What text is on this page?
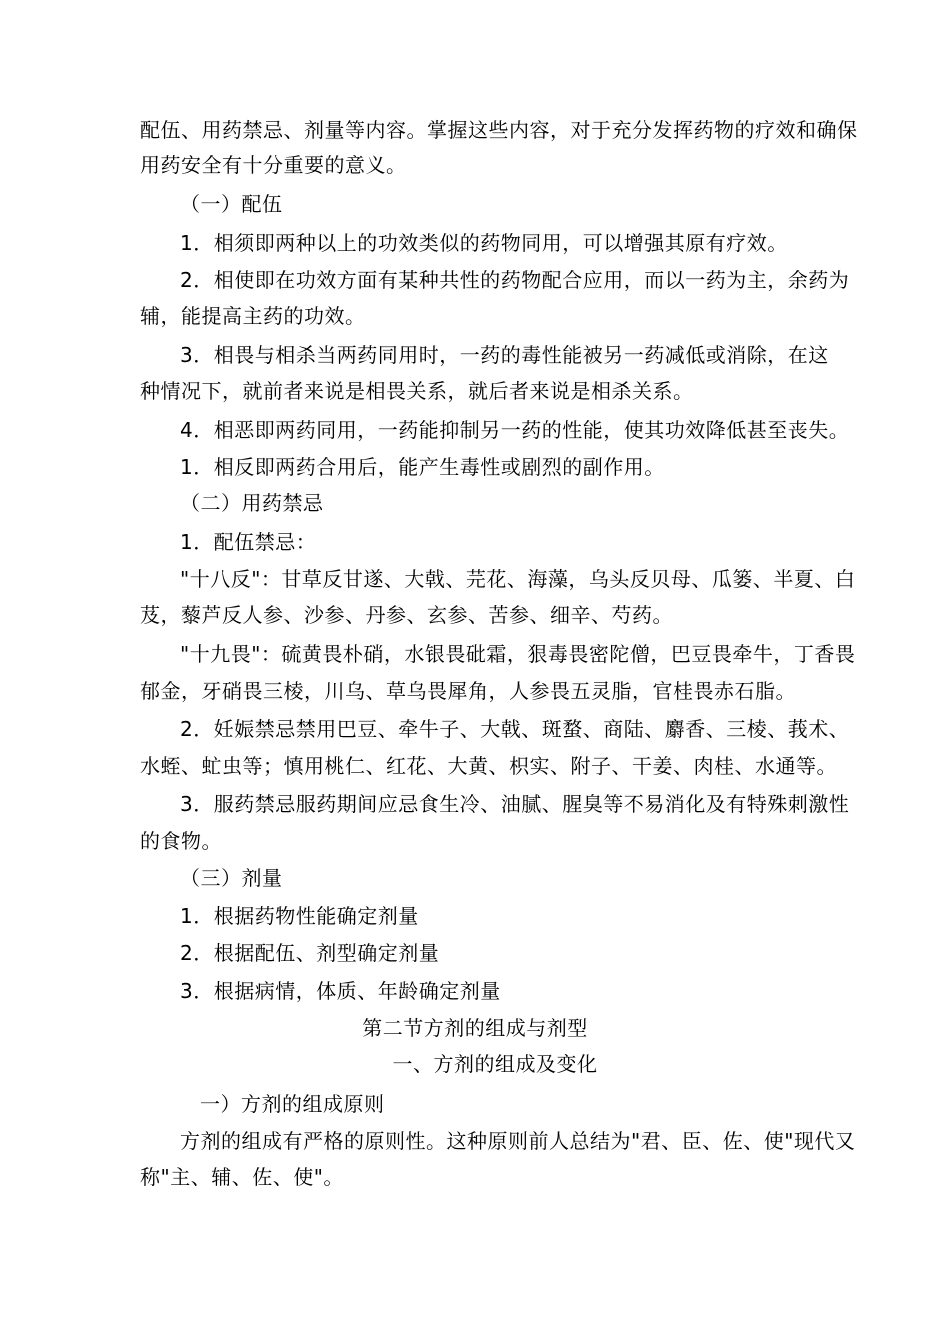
配伍、用药禁忌、剂量等内容。掌握这些内容，对于充分发挥药物的疗效和确保
用药安全有十分重要的意义。
（一）配伍
1．相须即两种以上的功效类似的药物同用，可以增强其原有疗效。
2．相使即在功效方面有某种共性的药物配合应用，而以一药为主，余药为
辅，能提高主药的功效。
3．相畏与相杀当两药同用时，一药的毒性能被另一药减低或消除，在这
种情况下，就前者来说是相畏关系，就后者来说是相杀关系。
4．相恶即两药同用，一药能抑制另一药的性能，使其功效降低甚至丧失。
1．相反即两药合用后，能产生毒性或剧烈的副作用。
（二）用药禁忌
1．配伍禁忌：
"十八反"：甘草反甘遂、大戟、芫花、海藻，乌头反贝母、瓜篓、半夏、白
芨，藜芦反人参、沙参、丹参、玄参、苦参、细辛、芍药。
"十九畏"：硫黄畏朴硝，水银畏砒霜，狠毒畏密陀僧，巴豆畏牵牛，丁香畏
郁金，牙硝畏三棱，川乌、草乌畏犀角，人参畏五灵脂，官桂畏赤石脂。
2．妊娠禁忌禁用巴豆、牵牛子、大戟、斑蝥、商陆、麝香、三棱、莪术、
水蛭、虻虫等；慎用桃仁、红花、大黄、枳实、附子、干姜、肉桂、水通等。
3．服药禁忌服药期间应忌食生冷、油腻、腥臭等不易消化及有特殊刺激性
的食物。
（三）剂量
1．根据药物性能确定剂量
2．根据配伍、剂型确定剂量
3．根据病情，体质、年龄确定剂量
第二节方剂的组成与剂型
一、方剂的组成及变化
一）方剂的组成原则
方剂的组成有严格的原则性。这种原则前人总结为"君、臣、佐、使"现代又
称"主、辅、佐、使"。
